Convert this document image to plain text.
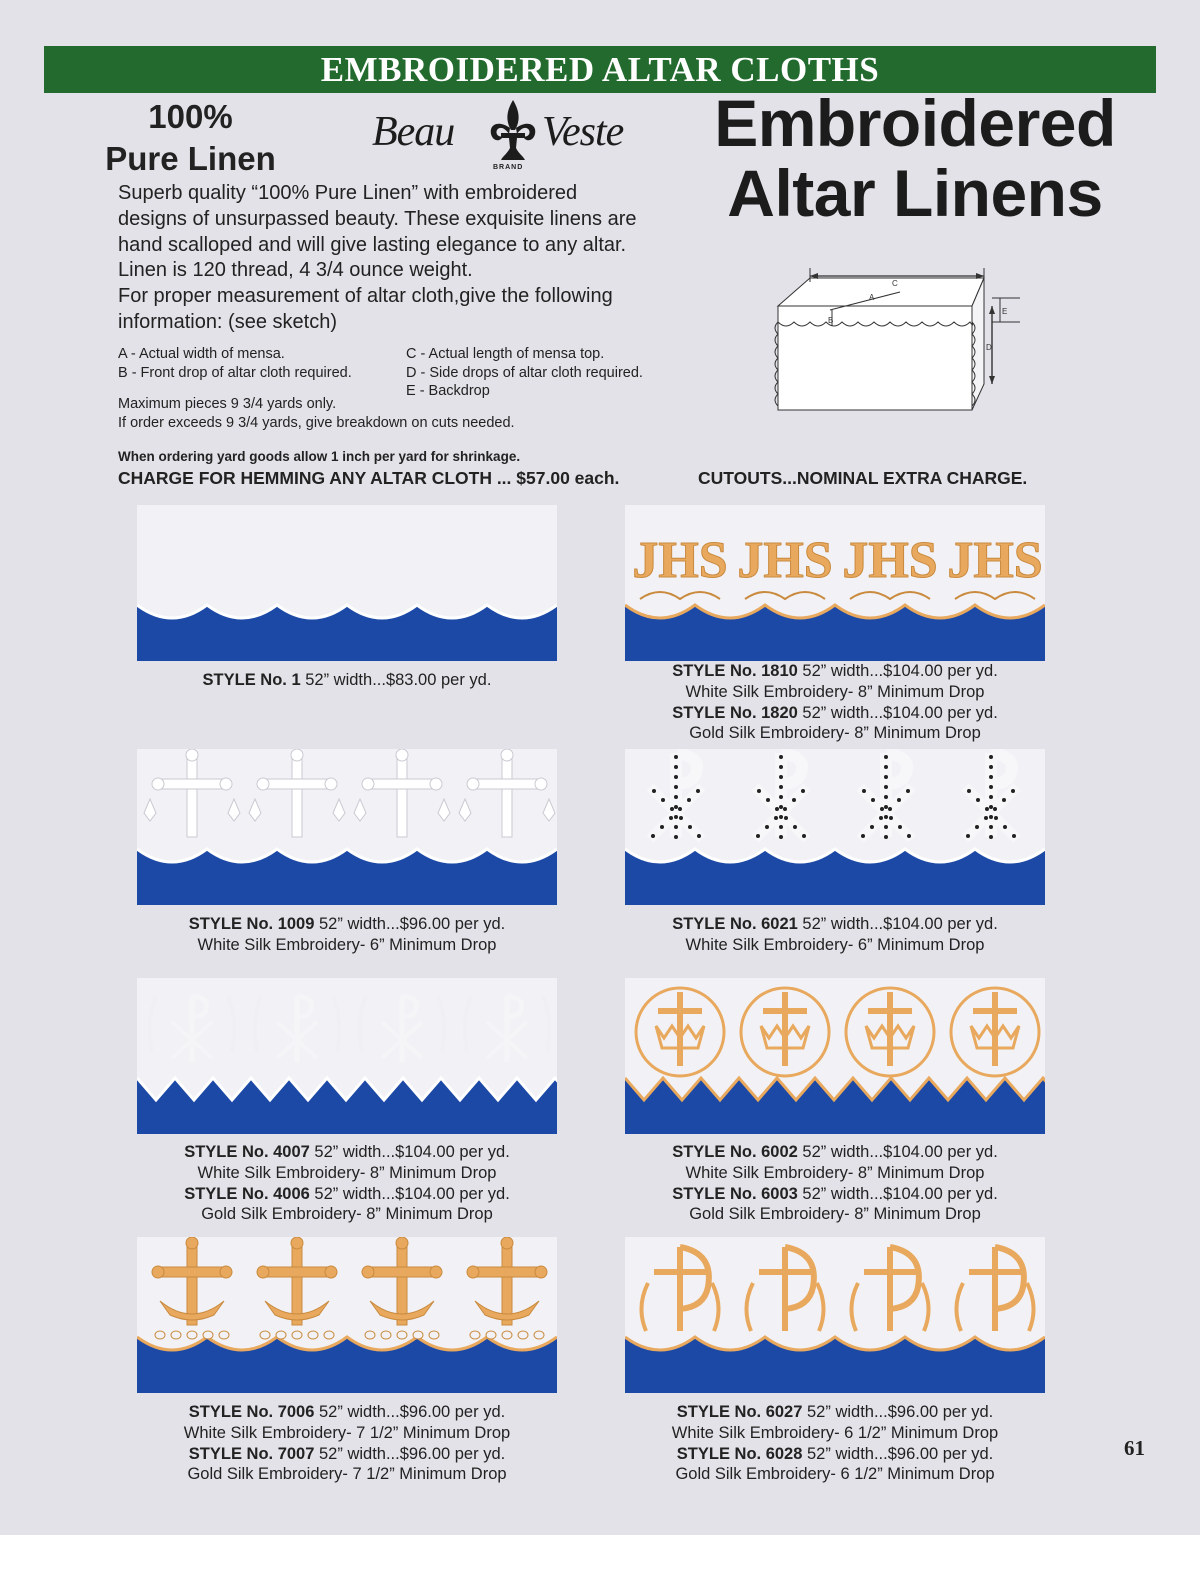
EMBROIDERED ALTAR CLOTHS
100%
Pure Linen
Beau Veste
BRAND
Embroidered
Altar Linens
Superb quality “100% Pure Linen” with embroidered
designs of unsurpassed beauty. These exquisite linens are
hand scalloped and will give lasting elegance to any altar.
Linen is 120 thread, 4 3/4 ounce weight.
For proper measurement of altar cloth,give the following
information: (see sketch)
C
A
B
D
E
A - Actual width of mensa.
B - Front drop of altar cloth required.
C - Actual length of mensa top.
D - Side drops of altar cloth required.
E - Backdrop
Maximum pieces 9 3/4 yards only.
If order exceeds 9 3/4 yards, give breakdown on cuts needed.
When ordering yard goods allow 1 inch per yard for shrinkage.
CHARGE FOR HEMMING ANY ALTAR CLOTH ... $57.00 each.	CUTOUTS...NOMINAL EXTRA CHARGE.
JHS JHS JHS JHS
STYLE No. 1 52” width...$83.00 per yd.	STYLE No. 1810 52” width...$104.00 per yd.
White Silk Embroidery- 8” Minimum Drop
STYLE No. 1820 52” width...$104.00 per yd.
Gold Silk Embroidery- 8” Minimum Drop
STYLE No. 1009 52” width...$96.00 per yd.
White Silk Embroidery- 6” Minimum Drop
STYLE No. 6021 52” width...$104.00 per yd.
White Silk Embroidery- 6” Minimum Drop
STYLE No. 4007 52” width...$104.00 per yd.
White Silk Embroidery- 8” Minimum Drop
STYLE No. 4006 52” width...$104.00 per yd.
Gold Silk Embroidery- 8” Minimum Drop
STYLE No. 6002 52” width...$104.00 per yd.
White Silk Embroidery- 8” Minimum Drop
STYLE No. 6003 52” width...$104.00 per yd.
Gold Silk Embroidery- 8” Minimum Drop
STYLE No. 7006 52” width...$96.00 per yd.
White Silk Embroidery- 7 1/2” Minimum Drop
STYLE No. 7007 52” width...$96.00 per yd.
Gold Silk Embroidery- 7 1/2” Minimum Drop
STYLE No. 6027 52” width...$96.00 per yd.
White Silk Embroidery- 6 1/2” Minimum Drop
STYLE No. 6028 52” width...$96.00 per yd.
Gold Silk Embroidery- 6 1/2” Minimum Drop
61
